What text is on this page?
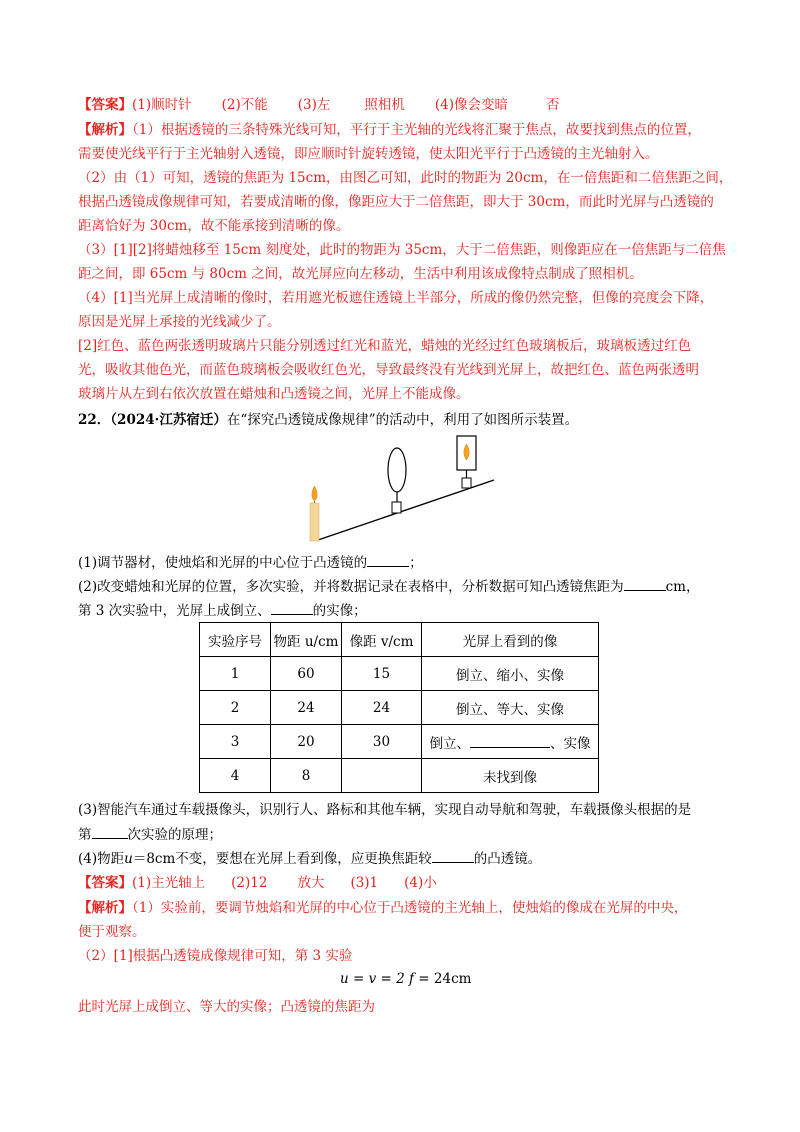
【答案】(1)顺时针 (2)不能 (3)左	照相机 (4)像会变暗	否
【解析】（1）根据透镜的三条特殊光线可知，平行于主光轴的光线将汇聚于焦点，故要找到焦点的位置，
需要使光线平行于主光轴射入透镜，即应顺时针旋转透镜，使太阳光平行于凸透镜的主光轴射入。
（2）由（1）可知，透镜的焦距为 15cm，由图乙可知，此时的物距为 20cm，在一倍焦距和二倍焦距之间，
根据凸透镜成像规律可知，若要成清晰的像，像距应大于二倍焦距，即大于 30cm，而此时光屏与凸透镜的
距离恰好为 30cm，故不能承接到清晰的像。
（3）[1][2]将蜡烛移至 15cm 刻度处，此时的物距为 35cm，大于二倍焦距，则像距应在一倍焦距与二倍焦
距之间，即 65cm 与 80cm 之间，故光屏应向左移动，生活中利用该成像特点制成了照相机。
（4）[1]当光屏上成清晰的像时，若用遮光板遮住透镜上半部分，所成的像仍然完整，但像的亮度会下降，
原因是光屏上承接的光线减少了。
[2]红色、蓝色两张透明玻璃片只能分别透过红光和蓝光，蜡烛的光经过红色玻璃板后，玻璃板透过红色
光，吸收其他色光，而蓝色玻璃板会吸收红色光，导致最终没有光线到光屏上，故把红色、蓝色两张透明
玻璃片从左到右依次放置在蜡烛和凸透镜之间，光屏上不能成像。
22．（2024·江苏宿迁）在“探究凸透镜成像规律”的活动中，利用了如图所示装置。
(1)调节器材，使烛焰和光屏的中心位于凸透镜的	；
(2)改变蜡烛和光屏的位置，多次实验，并将数据记录在表格中，分析数据可知凸透镜焦距为	cm，
第 3 次实验中，光屏上成倒立、	的实像；
实验序号	物距 u/cm	像距 v/cm	光屏上看到的像
1	60	15	倒立、缩小、实像
2	24	24	倒立、等大、实像
3	20	30	倒立、 、实像
4	8		未找到像
(3)智能汽车通过车载摄像头，识别行人、路标和其他车辆，实现自动导航和驾驶，车载摄像头根据的是
第	次实验的原理；
(4)物距u＝8cm不变，要想在光屏上看到像，应更换焦距较	的凸透镜。
【答案】(1)主光轴上 (2)12 放大 (3)1 (4)小
【解析】（1）实验前，要调节烛焰和光屏的中心位于凸透镜的主光轴上，使烛焰的像成在光屏的中央，
便于观察。
（2）[1]根据凸透镜成像规律可知，第 3 实验
u = v = 2 f = 24cm
此时光屏上成倒立、等大的实像；凸透镜的焦距为
